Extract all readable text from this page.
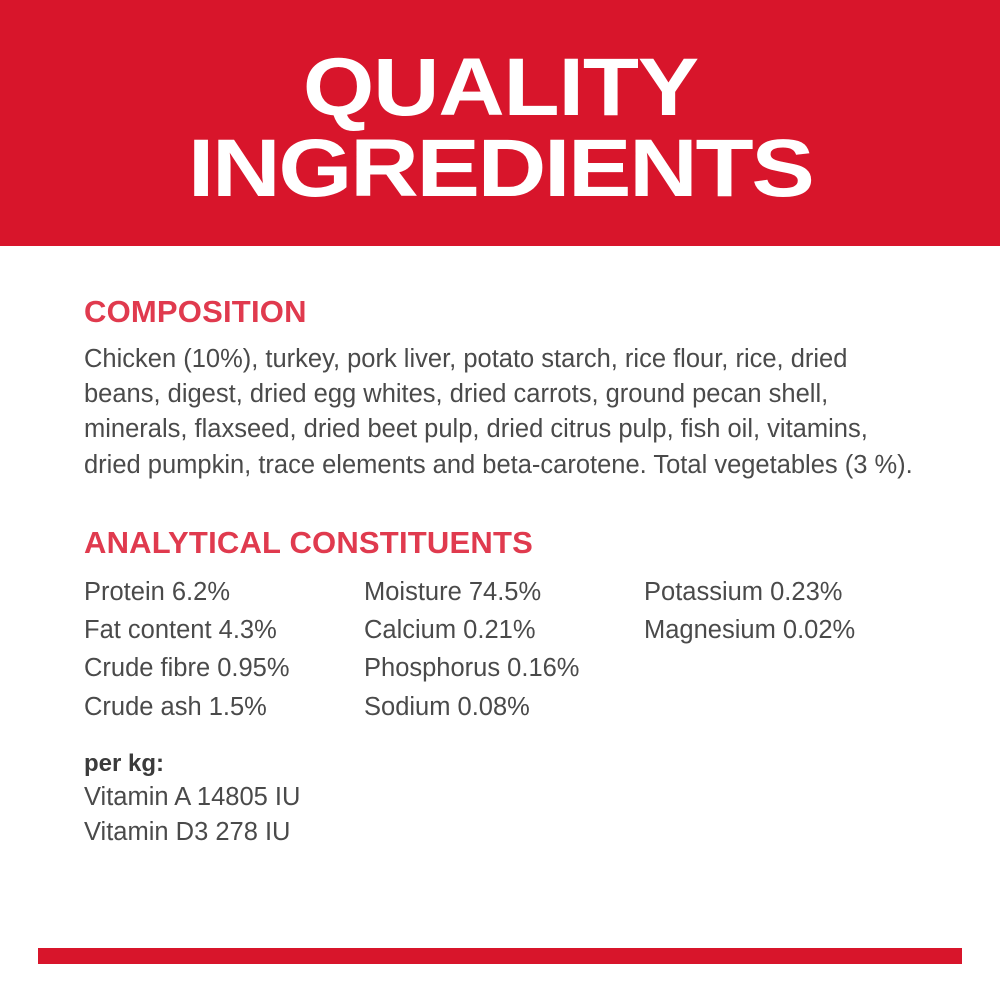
QUALITY
INGREDIENTS
COMPOSITION

Chicken (10%), turkey, pork liver, potato starch, rice flour, rice, dried beans, digest, dried egg whites, dried carrots, ground pecan shell, minerals, flaxseed, dried beet pulp, dried citrus pulp, fish oil, vitamins, dried pumpkin, trace elements and beta-carotene. Total vegetables (3 %).

ANALYTICAL CONSTITUENTS
Protein 6.2%	Moisture 74.5%	Potassium 0.23%
Fat content 4.3%	Calcium 0.21%	Magnesium 0.02%
Crude fibre 0.95%	Phosphorus 0.16%
Crude ash 1.5%	Sodium 0.08%

per kg:

Vitamin A 14805 IU
Vitamin D3 278 IU
